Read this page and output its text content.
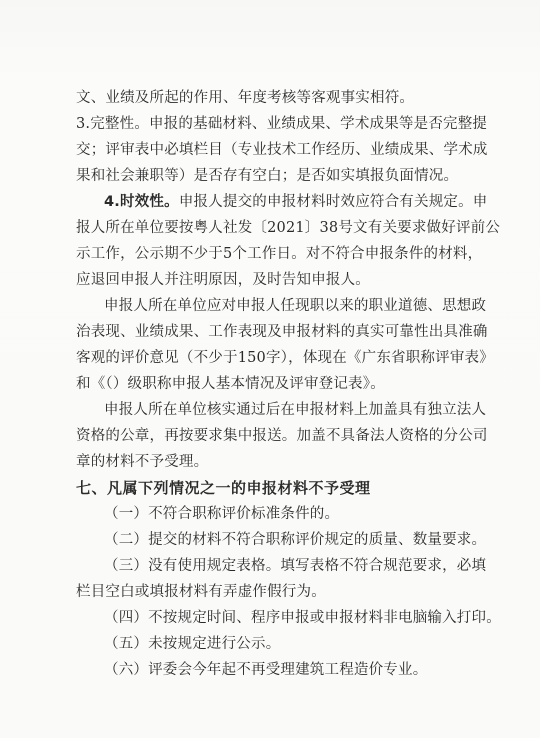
文、业绩及所起的作用、年度考核等客观事实相符。
3.完整性。申报的基础材料、业绩成果、学术成果等是否完整提
交；评审表中必填栏目（专业技术工作经历、业绩成果、学术成
果和社会兼职等）是否存有空白；是否如实填报负面情况。
4.时效性。申报人提交的申报材料时效应符合有关规定。申
报人所在单位要按粤人社发〔2021〕38号文有关要求做好评前公
示工作，公示期不少于5个工作日。对不符合申报条件的材料，
应退回申报人并注明原因，及时告知申报人。
申报人所在单位应对申报人任现职以来的职业道德、思想政
治表现、业绩成果、工作表现及申报材料的真实可靠性出具准确
客观的评价意见（不少于150字），体现在《广东省职称评审表》
和《（）级职称申报人基本情况及评审登记表》。
申报人所在单位核实通过后在申报材料上加盖具有独立法人
资格的公章，再按要求集中报送。加盖不具备法人资格的分公司
章的材料不予受理。
七、凡属下列情况之一的申报材料不予受理
（一）不符合职称评价标准条件的。
（二）提交的材料不符合职称评价规定的质量、数量要求。
（三）没有使用规定表格。填写表格不符合规范要求，必填
栏目空白或填报材料有弄虚作假行为。
（四）不按规定时间、程序申报或申报材料非电脑输入打印。
（五）未按规定进行公示。
（六）评委会今年起不再受理建筑工程造价专业。
